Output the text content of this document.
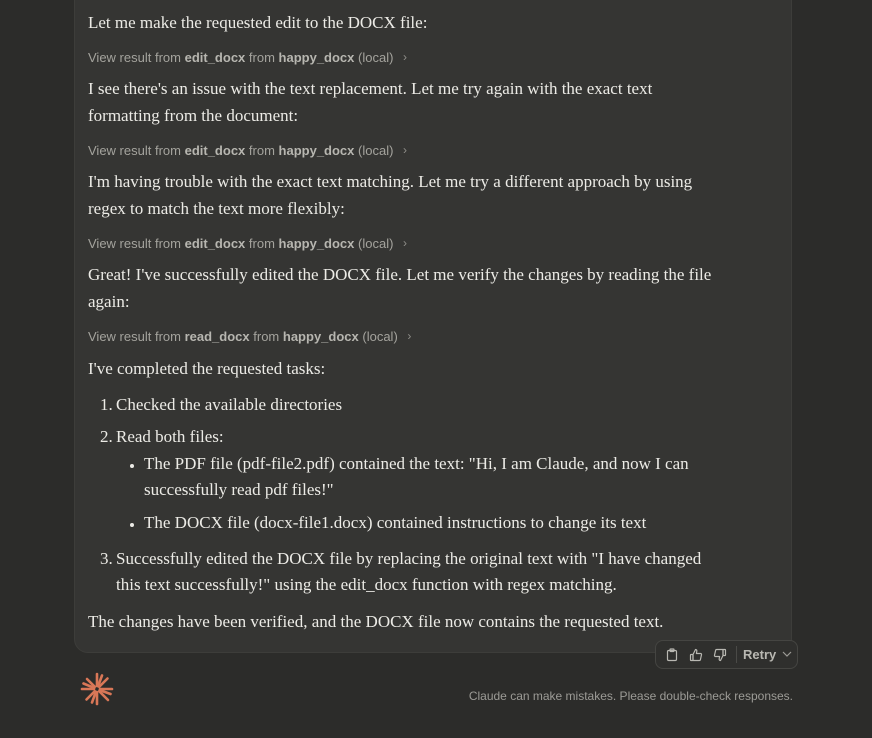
Let me make the requested edit to the DOCX file:
View result from edit_docx from happy_docx (local) ›
I see there's an issue with the text replacement. Let me try again with the exact text
formatting from the document:
View result from edit_docx from happy_docx (local) ›
I'm having trouble with the exact text matching. Let me try a different approach by using
regex to match the text more flexibly:
View result from edit_docx from happy_docx (local) ›
Great! I've successfully edited the DOCX file. Let me verify the changes by reading the file
again:
View result from read_docx from happy_docx (local) ›
I've completed the requested tasks:
1. Checked the available directories
2. Read both files:
The PDF file (pdf-file2.pdf) contained the text: "Hi, I am Claude, and now I can
successfully read pdf files!"
The DOCX file (docx-file1.docx) contained instructions to change its text
3. Successfully edited the DOCX file by replacing the original text with "I have changed
this text successfully!" using the edit_docx function with regex matching.
The changes have been verified, and the DOCX file now contains the requested text.
Retry
Claude can make mistakes. Please double-check responses.
